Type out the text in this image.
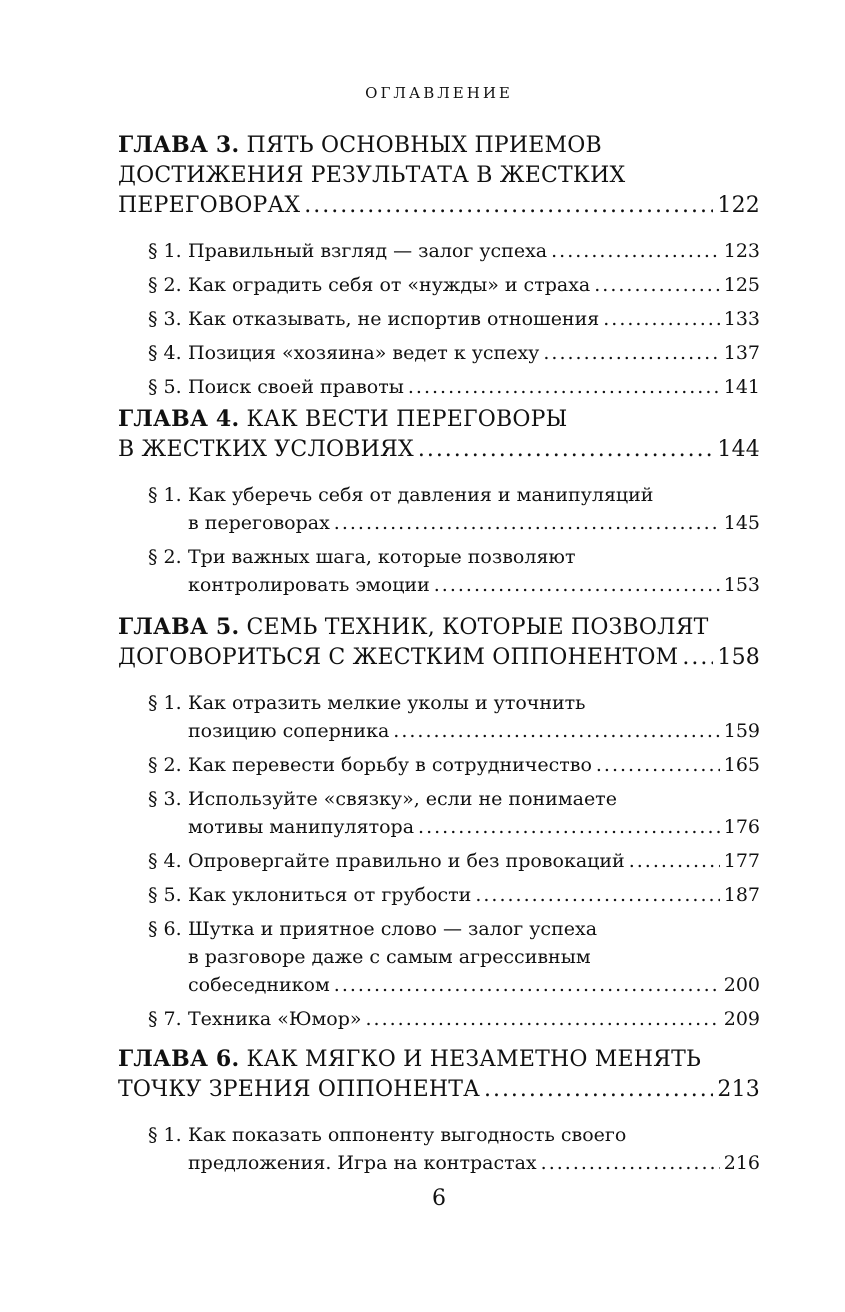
ОГЛАВЛЕНИЕ
ГЛАВА 3. ПЯТЬ ОСНОВНЫХ ПРИЕМОВ
ДОСТИЖЕНИЯ РЕЗУЛЬТАТА В ЖЕСТКИХ
ПЕРЕГОВОРАХ .....	122
§ 1. Правильный взгляд — залог успеха .....	123
§ 2. Как оградить себя от «нужды» и страха .....	125
§ 3. Как отказывать, не испортив отношения .....	133
§ 4. Позиция «хозяина» ведет к успеху .....	137
§ 5. Поиск своей правоты .....	141
ГЛАВА 4. КАК ВЕСТИ ПЕРЕГОВОРЫ
В ЖЕСТКИХ УСЛОВИЯХ .....	144
§ 1. Как уберечь себя от давления и манипуляций
в переговорах .....	145
§ 2. Три важных шага, которые позволяют
контролировать эмоции .....	153
ГЛАВА 5. СЕМЬ ТЕХНИК, КОТОРЫЕ ПОЗВОЛЯТ
ДОГОВОРИТЬСЯ С ЖЕСТКИМ ОППОНЕНТОМ ..... 158
§ 1. Как отразить мелкие уколы и уточнить
позицию соперника .....	159
§ 2. Как перевести борьбу в сотрудничество .....	165
§ 3. Используйте «связку», если не понимаете
мотивы манипулятора .....	176
§ 4. Опровергайте правильно и без провокаций .....	177
§ 5. Как уклониться от грубости .....	187
§ 6. Шутка и приятное слово — залог успеха
в разговоре даже с самым агрессивным
собеседником .....	200
§ 7. Техника «Юмор» .....	209
ГЛАВА 6. КАК МЯГКО И НЕЗАМЕТНО МЕНЯТЬ
ТОЧКУ ЗРЕНИЯ ОППОНЕНТА .....	213
§ 1. Как показать оппоненту выгодность своего
предложения. Игра на контрастах .....	216
6
